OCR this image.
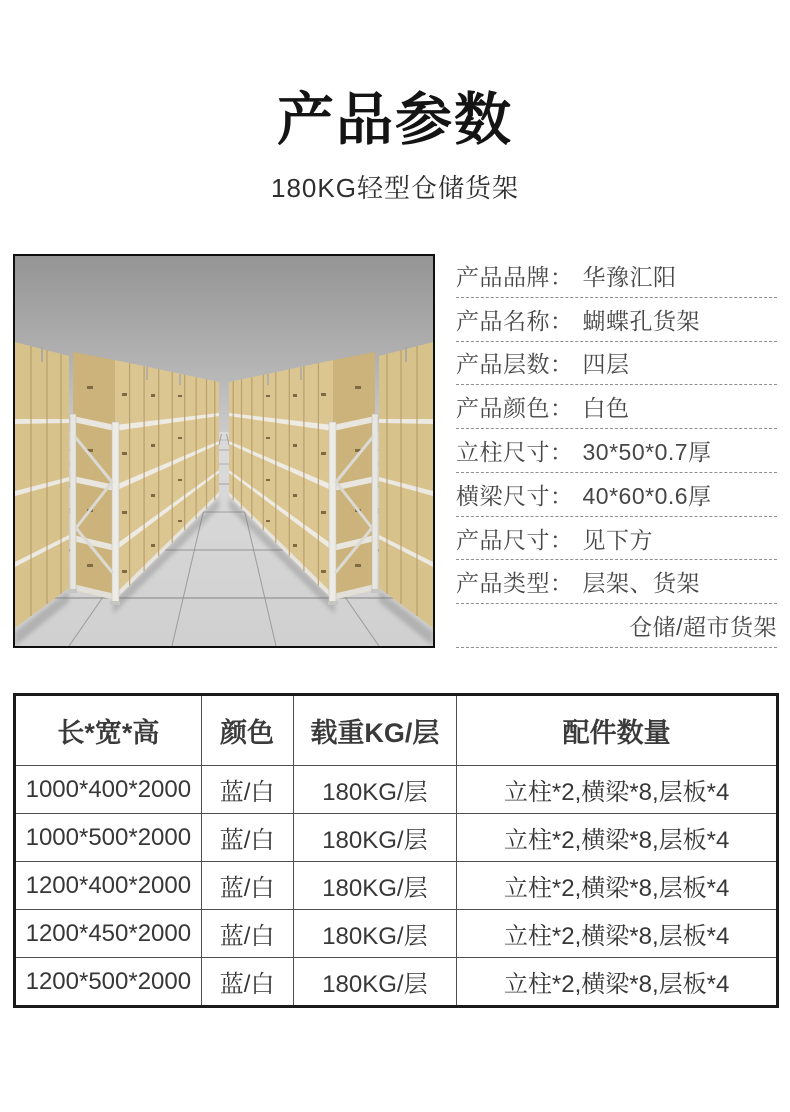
产品参数
180KG轻型仓储货架
产品品牌： 华豫汇阳
产品名称： 蝴蝶孔货架
产品层数： 四层
产品颜色： 白色
立柱尺寸： 30*50*0.7厚
横梁尺寸： 40*60*0.6厚
产品尺寸： 见下方
产品类型： 层架、货架
仓储/超市货架
长*宽*高	颜色	载重KG/层	配件数量
1000*400*2000	蓝/白	180KG/层	立柱*2,横梁*8,层板*4
1000*500*2000	蓝/白	180KG/层	立柱*2,横梁*8,层板*4
1200*400*2000	蓝/白	180KG/层	立柱*2,横梁*8,层板*4
1200*450*2000	蓝/白	180KG/层	立柱*2,横梁*8,层板*4
1200*500*2000	蓝/白	180KG/层	立柱*2,横梁*8,层板*4
